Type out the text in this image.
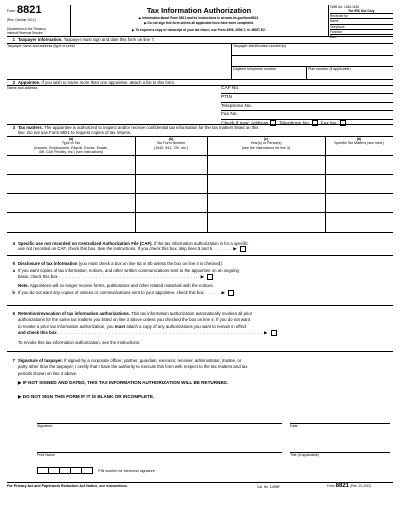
Form 8821
(Rev. October 2012)
Department of the Treasury
Internal Revenue Service
Tax Information Authorization
▶ Information about Form 8821 and its instructions is at www.irs.gov/form8821.
▶ Do not sign this form unless all applicable lines have been completed.
▶ To request a copy or transcript of your tax return, use Form 4506, 4506-T, or 4506T-EZ.
OMB No. 1545-1165
For IRS Use Only
Received by:
Name
Telephone
Function
Date
1 Taxpayer information. Taxpayer must sign and date this form on line 7.
Taxpayer name and address (type or print)	Taxpayer identification number(s)
Daytime telephone number	Plan number (if applicable)
2 Appointee. If you wish to name more than one appointee, attach a list to this form.
Name and address	CAF No.
PTIN
Telephone No.
Fax No.
Check if new: Address Telephone No. Fax No.
3 Tax matters. The appointee is authorized to inspect and/or receive confidential tax information for the tax matters listed on this
line. Do not use Form 8821 to request copies of tax returns.
(a)
Type of Tax
(Income, Employment, Payroll, Excise, Estate,
Gift, Civil Penalty, etc.) (see instructions)
(b)
Tax Form Number
(1040, 941, 720, etc.)
(c)
Year(s) or Period(s)
(see the instructions for line 3)
(d)
Specific Tax Matters (see instr.)
4 Specific use not recorded on Centralized Authorization File (CAF). If the tax information authorization is for a specific
use not recorded on CAF, check this box. See the instructions. If you check this box, skip lines 5 and 6 . . . . . . ▶
5 Disclosure of tax information (you must check a box on line 5a or 5b unless the box on line 4 is checked):
a If you want copies of tax information, notices, and other written communications sent to the appointee on an ongoing
basis, check this box . . . . . . . . . . . . . . . . . . . . . . . . . . . . . . . . . . . . . . . . . . ▶
Note. Appointees will no longer receive forms, publications and other related materials with the notices.
b If you do not want any copies of notices or communications sent to your appointee, check this box . . . . . ▶
6 Retention/revocation of tax information authorizations. This tax information authorization automatically revokes all prior
authorizations for the same tax matters you listed on line 3 above unless you checked the box on line 4. If you do not want
to revoke a prior tax information authorization, you must attach a copy of any authorizations you want to remain in effect
and check this box . . . . . . . . . . . . . . . . . . . . . . . . . . . . . . . . . . . . . . . . . . . . . . . . . . . . . . . . . . . . . ▶
To revoke this tax information authorization, see the instructions.
7 Signature of taxpayer. If signed by a corporate officer, partner, guardian, executor, receiver, administrator, trustee, or
party other than the taxpayer, I certify that I have the authority to execute this form with respect to the tax matters and tax
periods shown on line 3 above.
▶ IF NOT SIGNED AND DATED, THIS TAX INFORMATION AUTHORIZATION WILL BE RETURNED.
▶ DO NOT SIGN THIS FORM IF IT IS BLANK OR INCOMPLETE.
Signature	Date
Print Name	Title (if applicable)
PIN number for electronic signature
For Privacy Act and Paperwork Reduction Act Notice, see instructions.	Cat. No. 11596P	Form 8821 (Rev. 10-2012)
